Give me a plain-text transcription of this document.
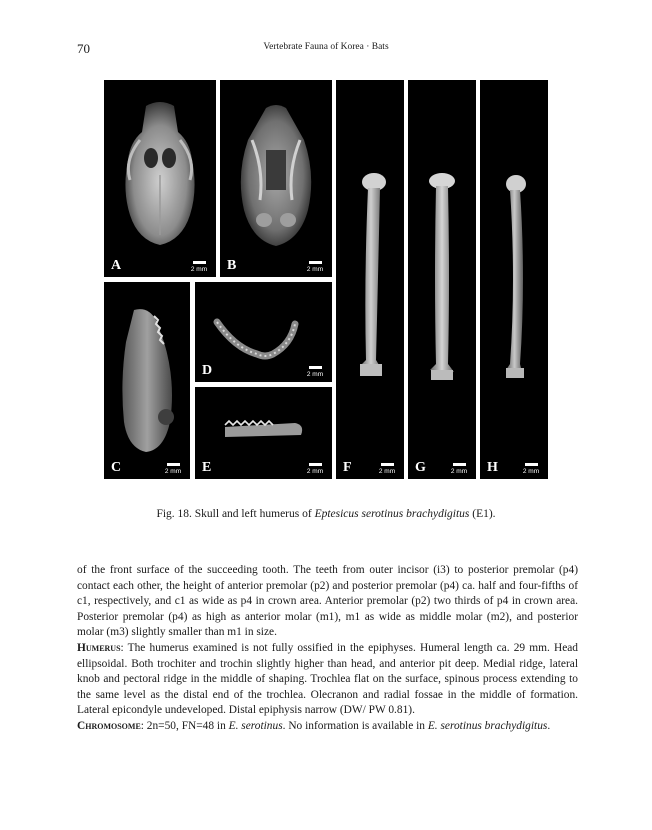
70	Vertebrate Fauna of Korea · Bats
A	2 mm B	2 mm
C	2 mm
D	2 mm
E	2 mm F	2 mm G	2 mm H	2 mm
Fig. 18. Skull and left humerus of Eptesicus serotinus brachydigitus (E1).

of the front surface of the succeeding tooth. The teeth from outer incisor (i3) to posterior premolar (p4) contact each other, the height of anterior premolar (p2) and posterior premolar (p4) ca. half and four-fifths of c1, respectively, and c1 as wide as p4 in crown area. Anterior premolar (p2) two thirds of p4 in crown area. Posterior premolar (p4) as high as anterior molar (m1), m1 as wide as middle molar (m2), and posterior molar (m3) slightly smaller than m1 in size.

Humerus: The humerus examined is not fully ossified in the epiphyses. Humeral length ca. 29 mm. Head ellipsoidal. Both trochiter and trochin slightly higher than head, and anterior pit deep. Medial ridge, lateral knob and pectoral ridge in the middle of shaping. Trochlea flat on the surface, spinous process extending to the same level as the distal end of the trochlea. Olecranon and radial fossae in the middle of formation. Lateral epicondyle undeveloped. Distal epiphysis narrow (DW/ PW 0.81).

Chromosome: 2n=50, FN=48 in E. serotinus. No information is available in E. serotinus brachydigitus.
